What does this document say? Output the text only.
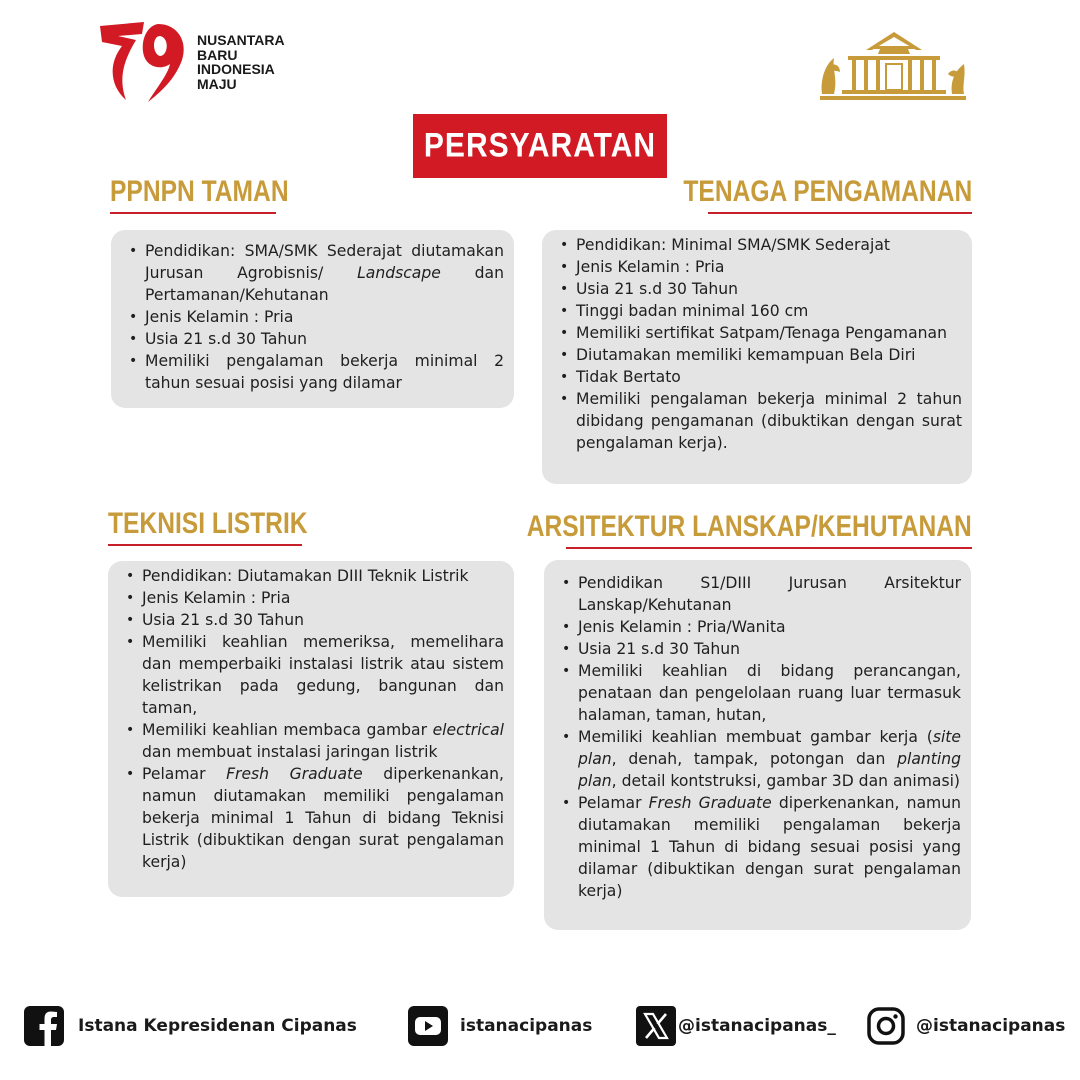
NUSANTARA
BARU
INDONESIA
MAJU
PERSYARATAN
PPNPN TAMAN
• Pendidikan: SMA/SMK Sederajat diutamakan Jurusan Agrobisnis/ Landscape dan Pertamanan/Kehutanan
• Jenis Kelamin : Pria
• Usia 21 s.d 30 Tahun
• Memiliki pengalaman bekerja minimal 2 tahun sesuai posisi yang dilamar
TENAGA PENGAMANAN
• Pendidikan: Minimal SMA/SMK Sederajat
• Jenis Kelamin : Pria
• Usia 21 s.d 30 Tahun
• Tinggi badan minimal 160 cm
• Memiliki sertifikat Satpam/Tenaga Pengamanan
• Diutamakan memiliki kemampuan Bela Diri
• Tidak Bertato
• Memiliki pengalaman bekerja minimal 2 tahun dibidang pengamanan (dibuktikan dengan surat pengalaman kerja).
TEKNISI LISTRIK
• Pendidikan: Diutamakan DIII Teknik Listrik
• Jenis Kelamin : Pria
• Usia 21 s.d 30 Tahun
• Memiliki keahlian memeriksa, memelihara dan memperbaiki instalasi listrik atau sistem kelistrikan pada gedung, bangunan dan taman,
• Memiliki keahlian membaca gambar electrical dan membuat instalasi jaringan listrik
• Pelamar Fresh Graduate diperkenankan, namun diutamakan memiliki pengalaman bekerja minimal 1 Tahun di bidang Teknisi Listrik (dibuktikan dengan surat pengalaman kerja)
ARSITEKTUR LANSKAP/KEHUTANAN
• Pendidikan S1/DIII Jurusan Arsitektur Lanskap/Kehutanan
• Jenis Kelamin : Pria/Wanita
• Usia 21 s.d 30 Tahun
• Memiliki keahlian di bidang perancangan, penataan dan pengelolaan ruang luar termasuk halaman, taman, hutan,
• Memiliki keahlian membuat gambar kerja (site plan, denah, tampak, potongan dan planting plan, detail kontstruksi, gambar 3D dan animasi)
• Pelamar Fresh Graduate diperkenankan, namun diutamakan memiliki pengalaman bekerja minimal 1 Tahun di bidang sesuai posisi yang dilamar (dibuktikan dengan surat pengalaman kerja)
Istana Kepresidenan Cipanas	istanacipanas	@istanacipanas_	@istanacipanas
